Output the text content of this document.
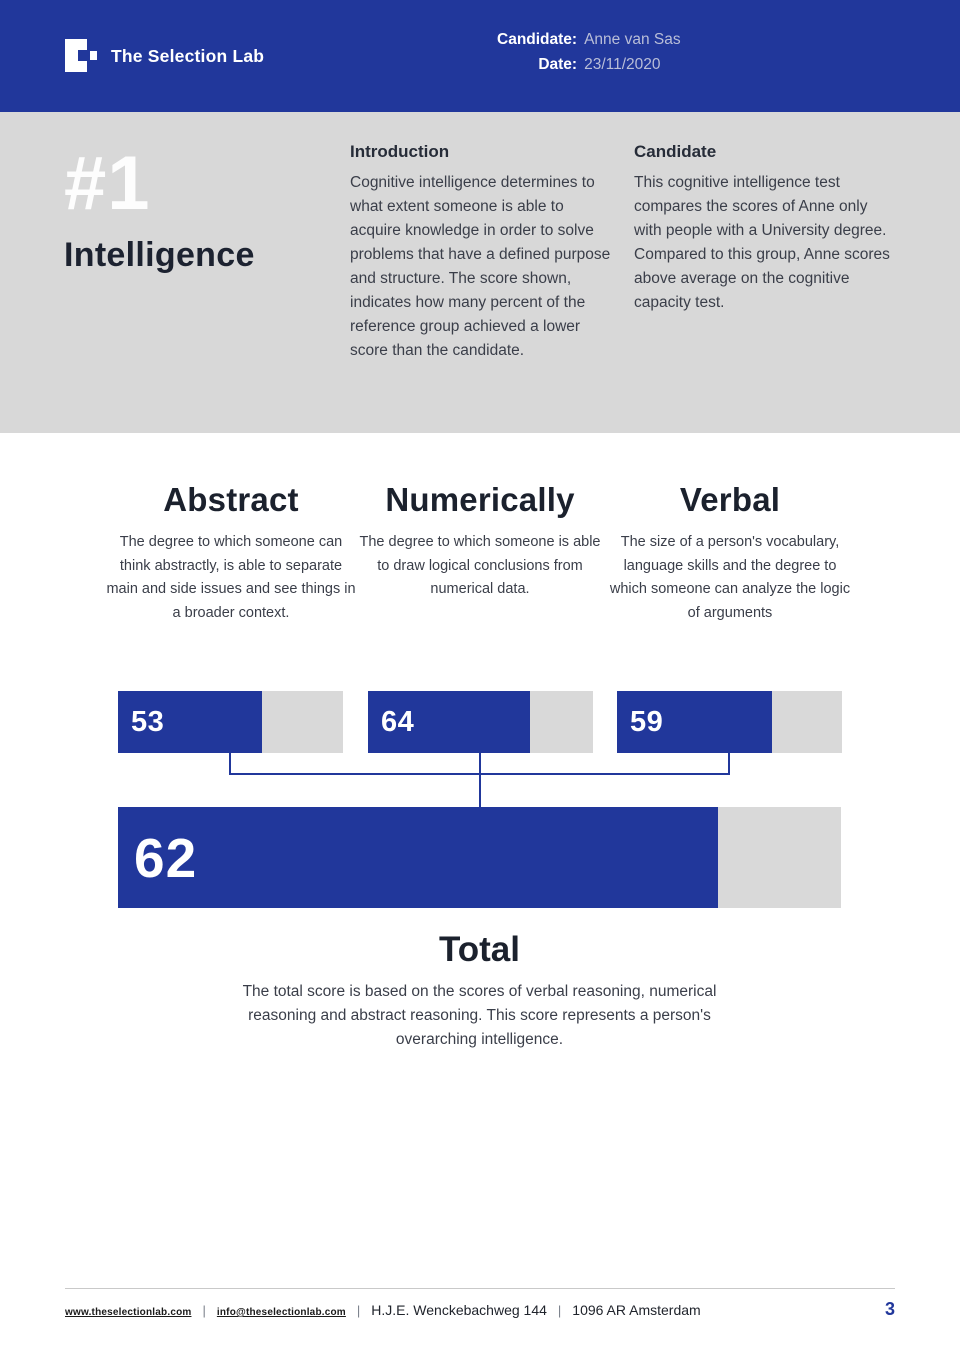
The Selection Lab
Candidate: Anne van Sas
Date: 23/11/2020
#1
Intelligence
Introduction

Cognitive intelligence determines to what extent someone is able to acquire knowledge in order to solve problems that have a defined purpose and structure. The score shown, indicates how many percent of the reference group achieved a lower score than the candidate.

Candidate

This cognitive intelligence test compares the scores of Anne only with people with a University degree. Compared to this group, Anne scores above average on the cognitive capacity test.

Abstract

The degree to which someone can think abstractly, is able to separate main and side issues and see things in a broader context.

Numerically

The degree to which someone is able to draw logical conclusions from numerical data.

Verbal

The size of a person's vocabulary, language skills and the degree to which someone can analyze the logic of arguments

53	64	59
62
Total

The total score is based on the scores of verbal reasoning, numerical reasoning and abstract reasoning. This score represents a person's overarching intelligence.

www.theselectionlab.com | info@theselectionlab.com | H.J.E. Wenckebachweg 144 | 1096 AR Amsterdam	3
